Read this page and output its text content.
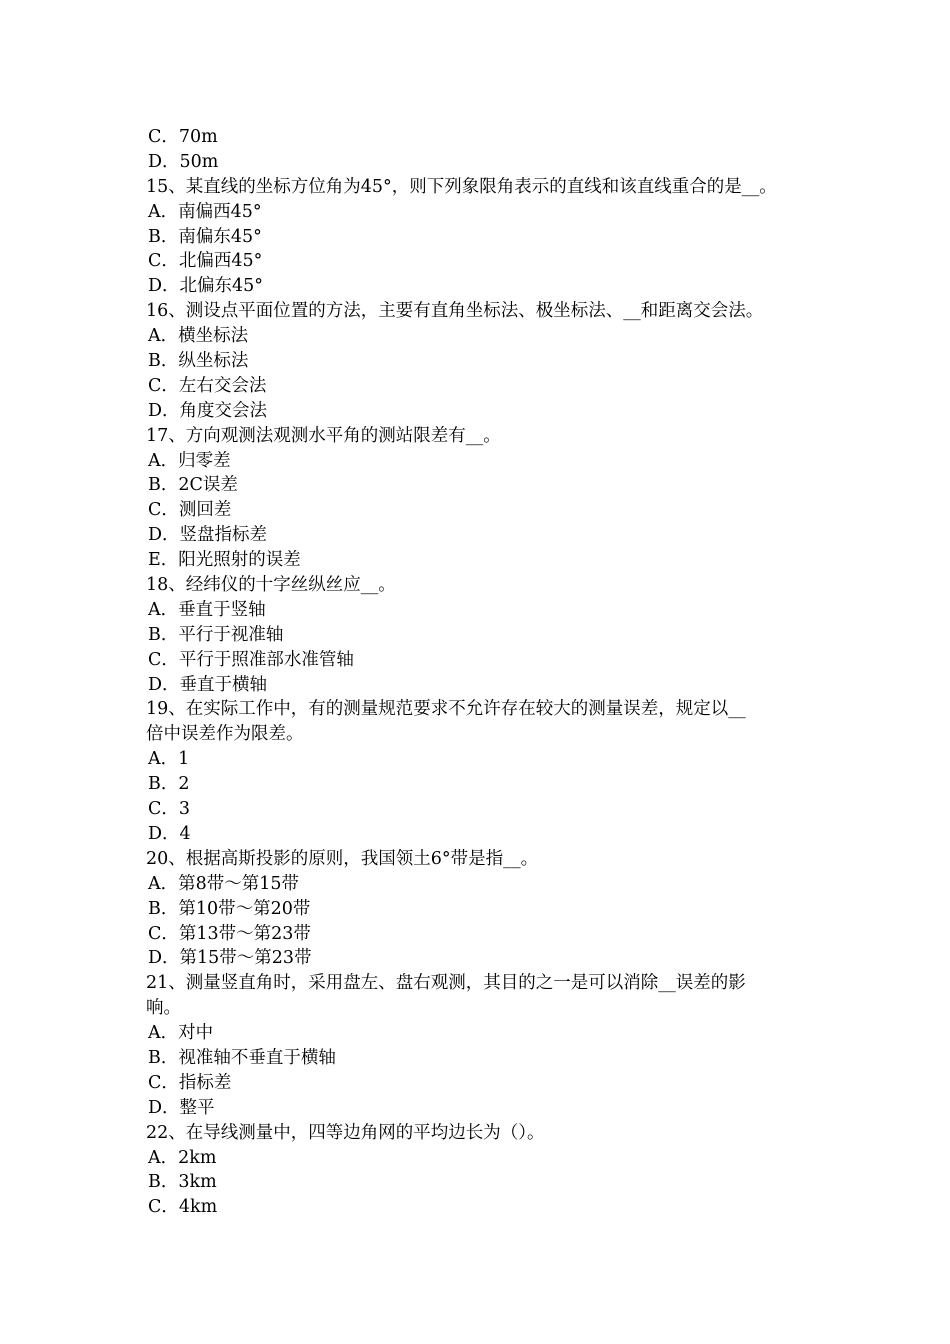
C．70m
D．50m
15、某直线的坐标方位角为45°，则下列象限角表示的直线和该直线重合的是__。
A．南偏西45°
B．南偏东45°
C．北偏西45°
D．北偏东45°
16、测设点平面位置的方法，主要有直角坐标法、极坐标法、__和距离交会法。
A．横坐标法
B．纵坐标法
C．左右交会法
D．角度交会法
17、方向观测法观测水平角的测站限差有__。
A．归零差
B．2C误差
C．测回差
D．竖盘指标差
E．阳光照射的误差
18、经纬仪的十字丝纵丝应__。
A．垂直于竖轴
B．平行于视准轴
C．平行于照准部水准管轴
D．垂直于横轴
19、在实际工作中，有的测量规范要求不允许存在较大的测量误差，规定以__
倍中误差作为限差。
A．1
B．2
C．3
D．4
20、根据高斯投影的原则，我国领土6°带是指__。
A．第8带～第15带
B．第10带～第20带
C．第13带～第23带
D．第15带～第23带
21、测量竖直角时，采用盘左、盘右观测，其目的之一是可以消除__误差的影
响。
A．对中
B．视准轴不垂直于横轴
C．指标差
D．整平
22、在导线测量中，四等边角网的平均边长为（）。
A．2km
B．3km
C．4km
